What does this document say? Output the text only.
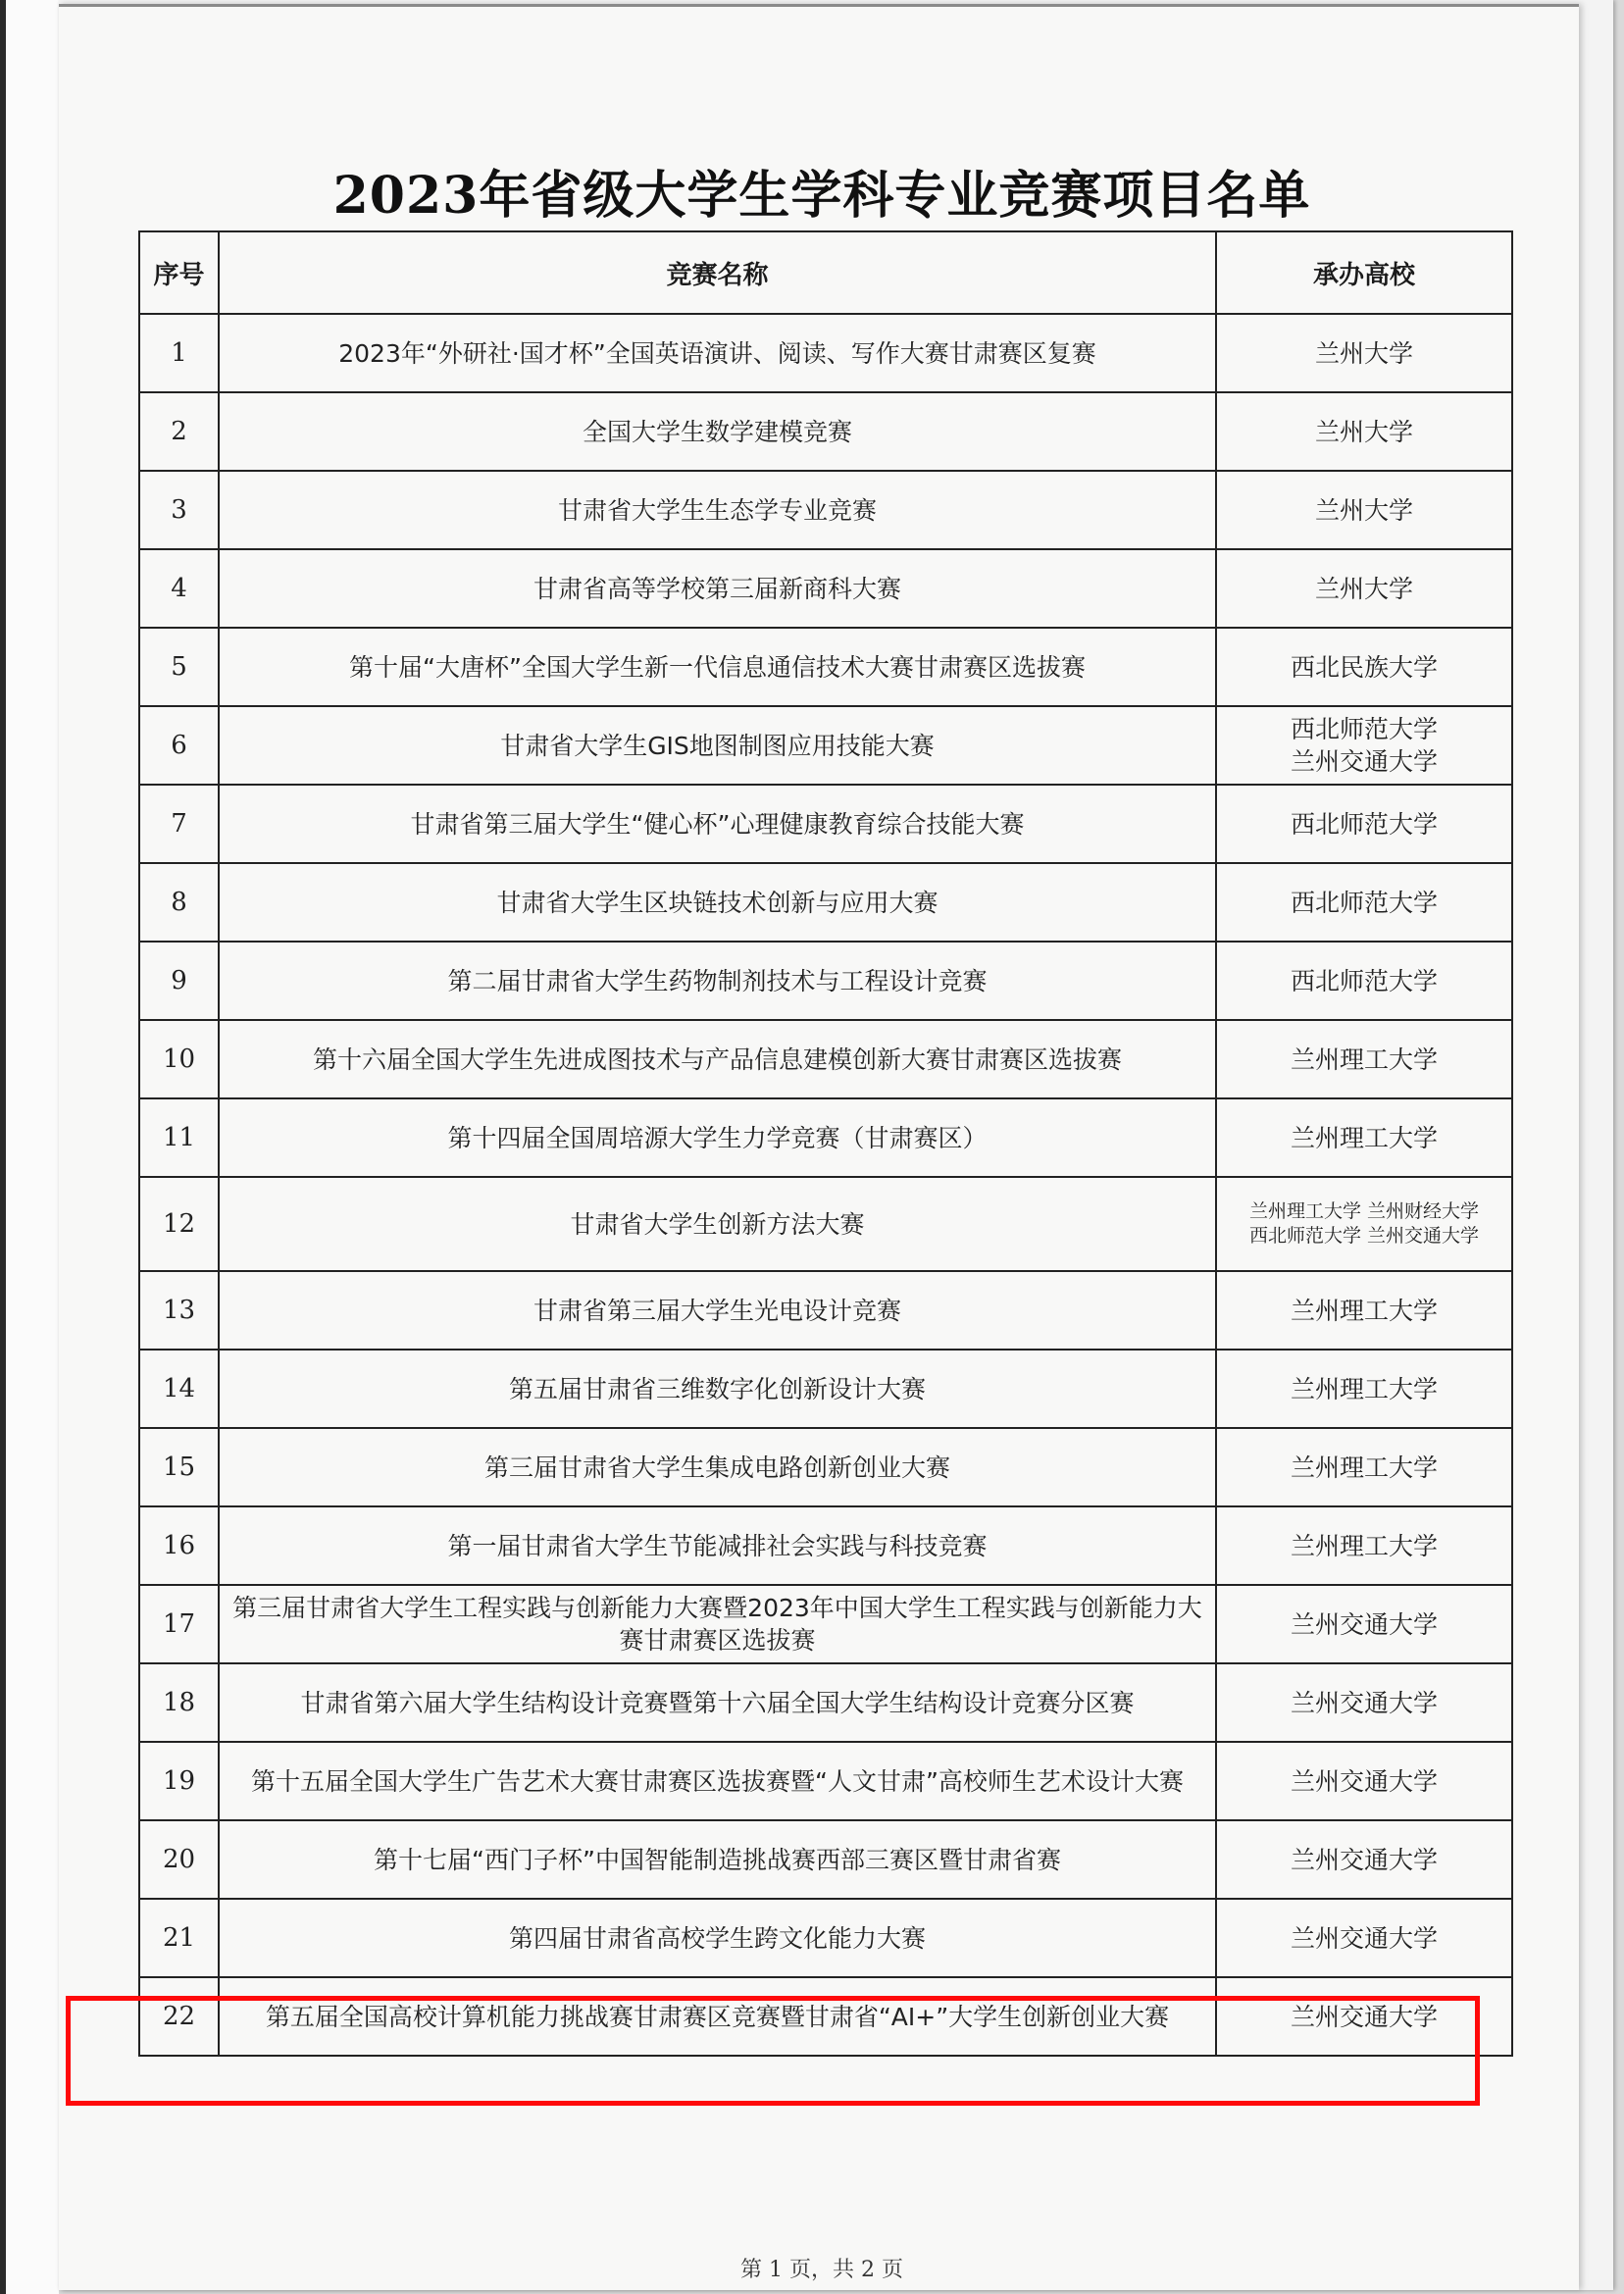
2023年省级大学生学科专业竞赛项目名单
序号	竞赛名称	承办高校
1	2023年“外研社·国才杯”全国英语演讲、阅读、写作大赛甘肃赛区复赛	兰州大学

2	全国大学生数学建模竞赛	兰州大学

3	甘肃省大学生生态学专业竞赛	兰州大学

4	甘肃省高等学校第三届新商科大赛	兰州大学

5	第十届“大唐杯”全国大学生新一代信息通信技术大赛甘肃赛区选拔赛	西北民族大学

6	甘肃省大学生GIS地图制图应用技能大赛	西北师范大学
兰州交通大学

7	甘肃省第三届大学生“健心杯”心理健康教育综合技能大赛	西北师范大学

8	甘肃省大学生区块链技术创新与应用大赛	西北师范大学

9	第二届甘肃省大学生药物制剂技术与工程设计竞赛	西北师范大学

10	第十六届全国大学生先进成图技术与产品信息建模创新大赛甘肃赛区选拔赛	兰州理工大学

11	第十四届全国周培源大学生力学竞赛（甘肃赛区）	兰州理工大学

12	甘肃省大学生创新方法大赛	兰州理工大学 兰州财经大学
西北师范大学 兰州交通大学

13	甘肃省第三届大学生光电设计竞赛	兰州理工大学

14	第五届甘肃省三维数字化创新设计大赛	兰州理工大学

15	第三届甘肃省大学生集成电路创新创业大赛	兰州理工大学

16	第一届甘肃省大学生节能减排社会实践与科技竞赛	兰州理工大学

17	第三届甘肃省大学生工程实践与创新能力大赛暨2023年中国大学生工程实践与创新能力大赛甘肃赛区选拔赛	兰州交通大学

18	甘肃省第六届大学生结构设计竞赛暨第十六届全国大学生结构设计竞赛分区赛	兰州交通大学

19	第十五届全国大学生广告艺术大赛甘肃赛区选拔赛暨“人文甘肃”高校师生艺术设计大赛	兰州交通大学

20	第十七届“西门子杯”中国智能制造挑战赛西部三赛区暨甘肃省赛	兰州交通大学

21	第四届甘肃省高校学生跨文化能力大赛	兰州交通大学

22	第五届全国高校计算机能力挑战赛甘肃赛区竞赛暨甘肃省“AI+”大学生创新创业大赛	兰州交通大学
第 1 页，共 2 页
